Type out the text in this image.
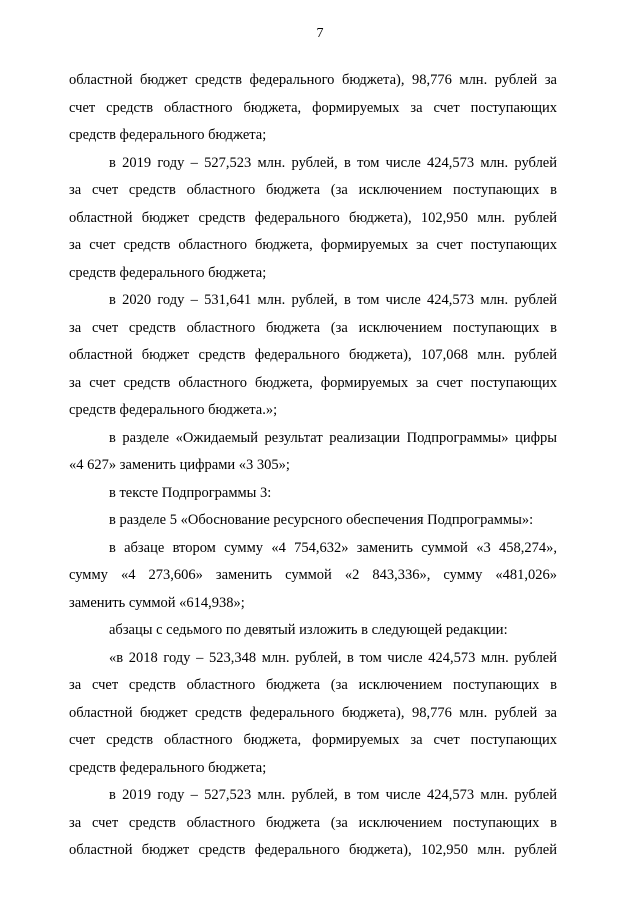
7
областной бюджет средств федерального бюджета), 98,776 млн. рублей за
счет средств областного бюджета, формируемых за счет поступающих
средств федерального бюджета;
в 2019 году – 527,523 млн. рублей, в том числе 424,573 млн. рублей
за счет средств областного бюджета (за исключением поступающих в
областной бюджет средств федерального бюджета), 102,950 млн. рублей
за счет средств областного бюджета, формируемых за счет поступающих
средств федерального бюджета;
в 2020 году – 531,641 млн. рублей, в том числе 424,573 млн. рублей
за счет средств областного бюджета (за исключением поступающих в
областной бюджет средств федерального бюджета), 107,068 млн. рублей
за счет средств областного бюджета, формируемых за счет поступающих
средств федерального бюджета.»;
в разделе «Ожидаемый результат реализации Подпрограммы» цифры
«4 627» заменить цифрами «3 305»;
в тексте Подпрограммы 3:
в разделе 5 «Обоснование ресурсного обеспечения Подпрограммы»:
в абзаце втором сумму «4 754,632» заменить суммой «3 458,274»,
сумму «4 273,606» заменить суммой «2 843,336», сумму «481,026»
заменить суммой «614,938»;
абзацы с седьмого по девятый изложить в следующей редакции:
«в 2018 году – 523,348 млн. рублей, в том числе 424,573 млн. рублей
за счет средств областного бюджета (за исключением поступающих в
областной бюджет средств федерального бюджета), 98,776 млн. рублей за
счет средств областного бюджета, формируемых за счет поступающих
средств федерального бюджета;
в 2019 году – 527,523 млн. рублей, в том числе 424,573 млн. рублей
за счет средств областного бюджета (за исключением поступающих в
областной бюджет средств федерального бюджета), 102,950 млн. рублей
